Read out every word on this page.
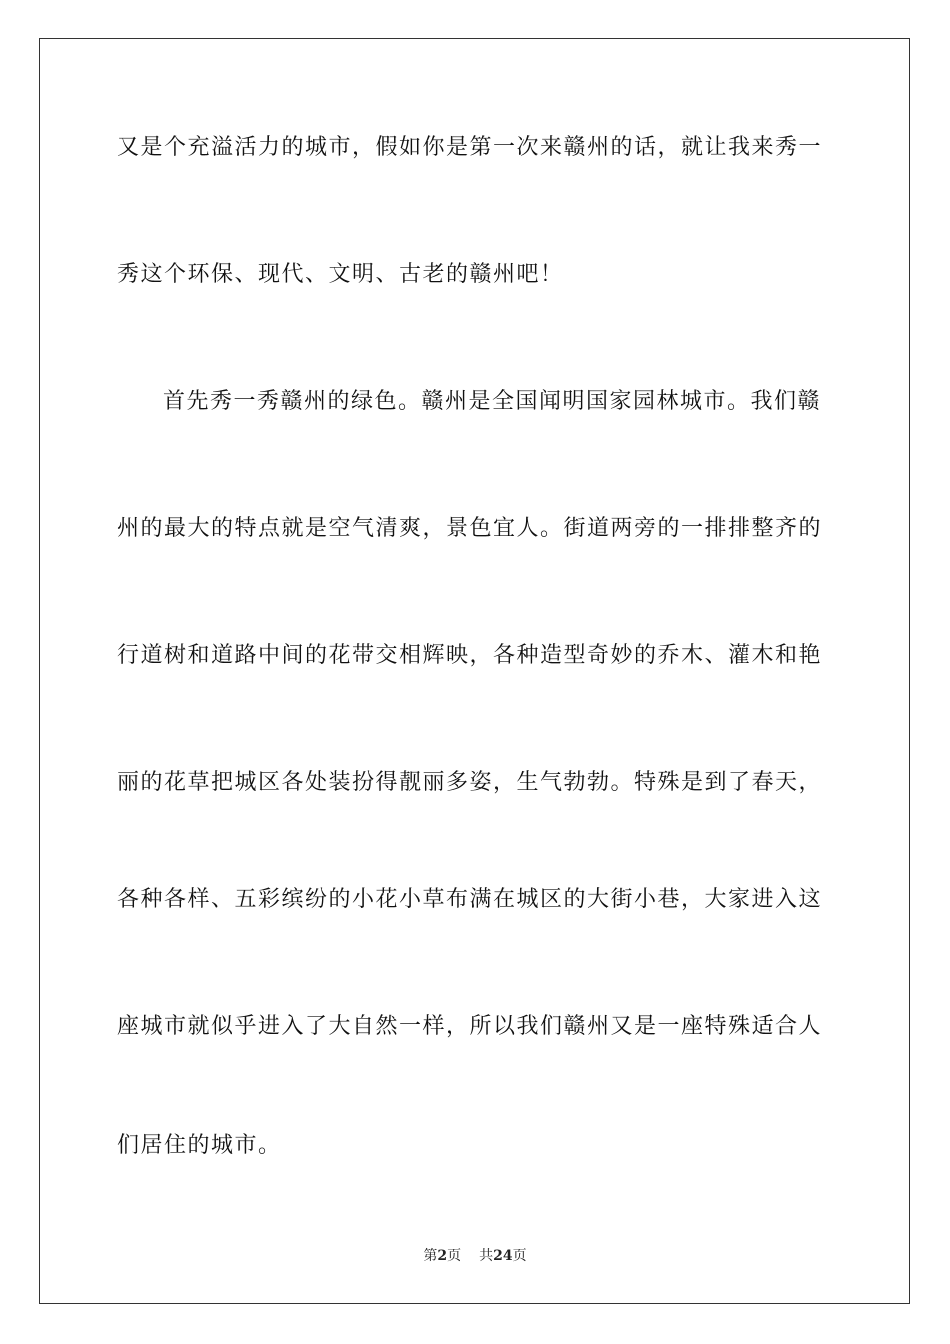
又是个充溢活力的城市，假如你是第一次来赣州的话，就让我来秀一
秀这个环保、现代、文明、古老的赣州吧！
首先秀一秀赣州的绿色。赣州是全国闻明国家园林城市。我们赣
州的最大的特点就是空气清爽，景色宜人。街道两旁的一排排整齐的
行道树和道路中间的花带交相辉映，各种造型奇妙的乔木、灌木和艳
丽的花草把城区各处装扮得靓丽多姿，生气勃勃。特殊是到了春天，
各种各样、五彩缤纷的小花小草布满在城区的大街小巷，大家进入这
座城市就似乎进入了大自然一样，所以我们赣州又是一座特殊适合人
们居住的城市。
第2页 共24页
